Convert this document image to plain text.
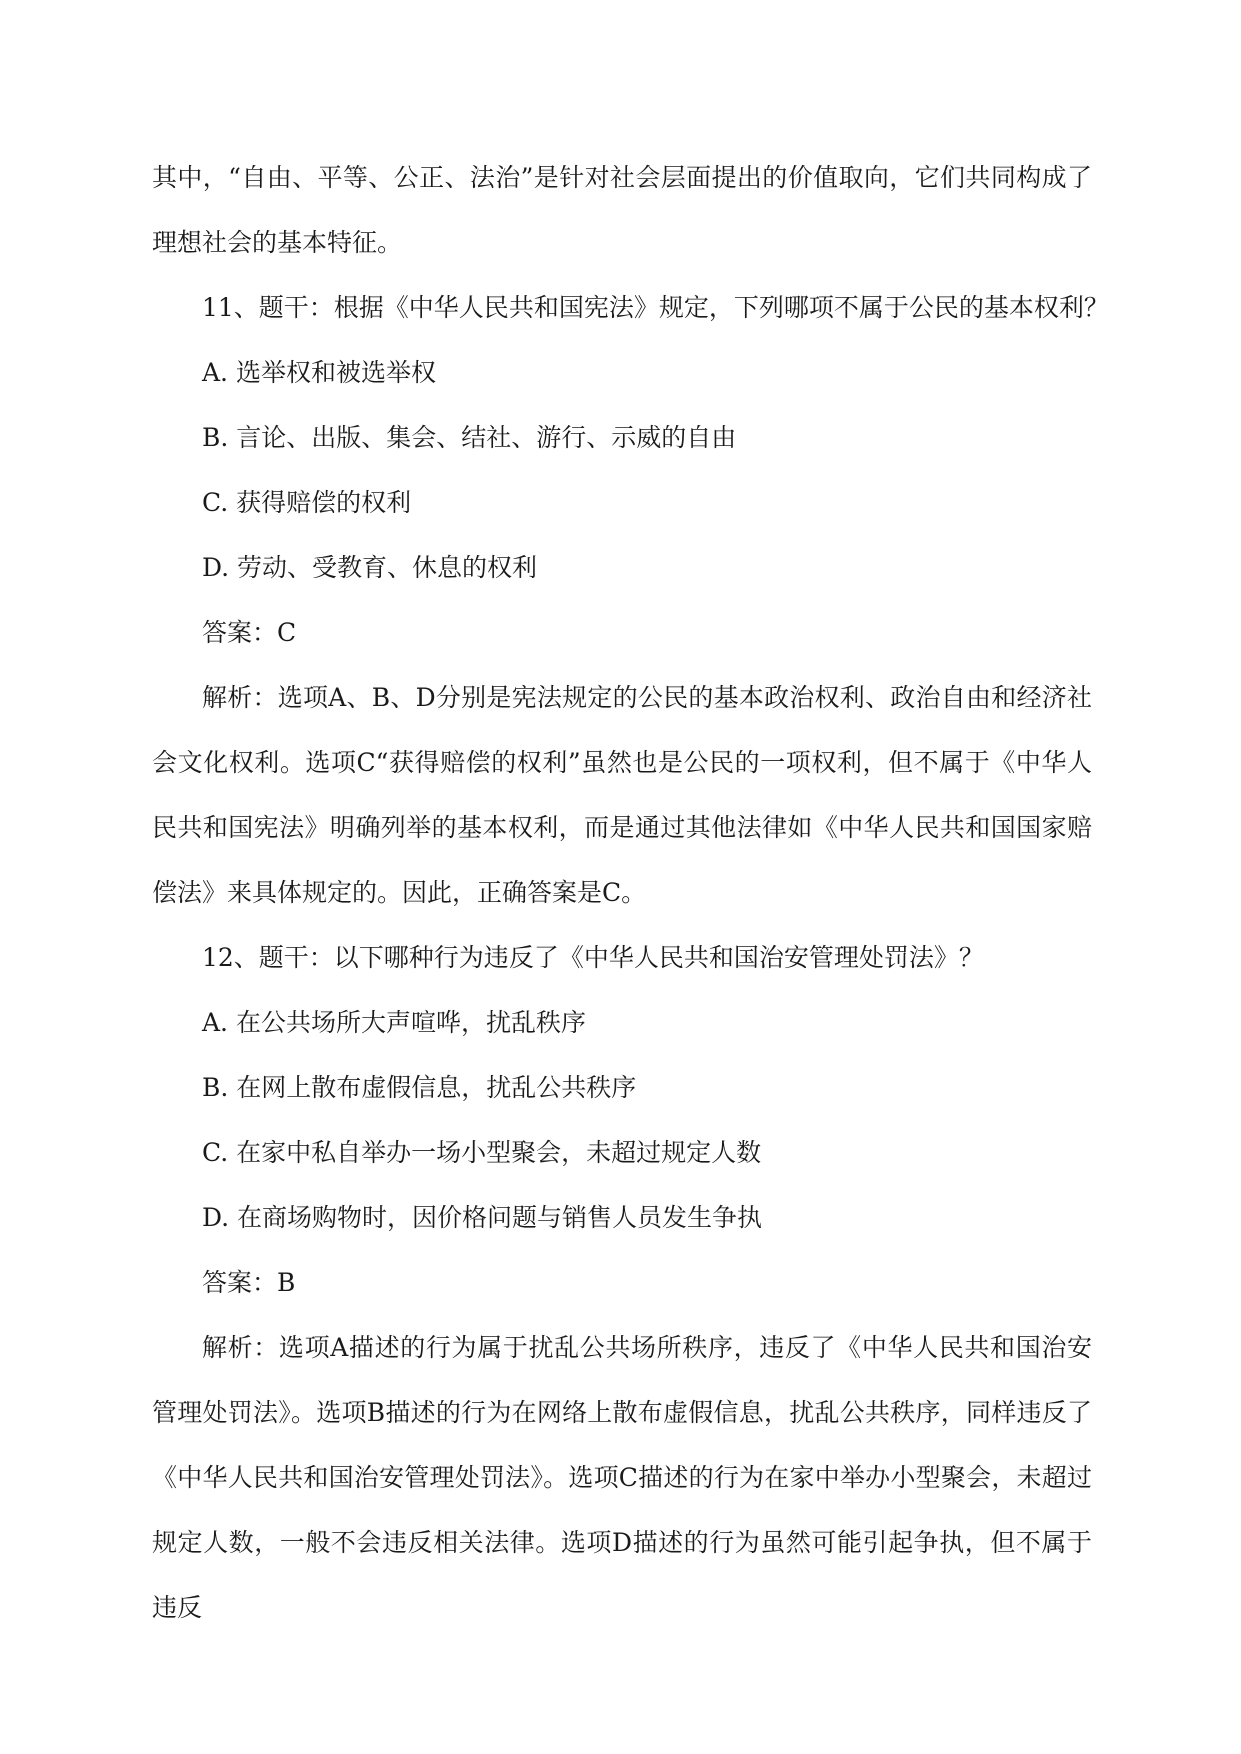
其中，“自由、平等、公正、法治”是针对社会层面提出的价值取向，它们共同构成了理想社会的基本特征。

11、题干：根据《中华人民共和国宪法》规定，下列哪项不属于公民的基本权利？
A. 选举权和被选举权
B. 言论、出版、集会、结社、游行、示威的自由
C. 获得赔偿的权利
D. 劳动、受教育、休息的权利
答案：C

解析：选项A、B、D分别是宪法规定的公民的基本政治权利、政治自由和经济社会文化权利。选项C“获得赔偿的权利”虽然也是公民的一项权利，但不属于《中华人民共和国宪法》明确列举的基本权利，而是通过其他法律如《中华人民共和国国家赔偿法》来具体规定的。因此，正确答案是C。

12、题干：以下哪种行为违反了《中华人民共和国治安管理处罚法》？
A. 在公共场所大声喧哗，扰乱秩序
B. 在网上散布虚假信息，扰乱公共秩序
C. 在家中私自举办一场小型聚会，未超过规定人数
D. 在商场购物时，因价格问题与销售人员发生争执
答案：B

解析：选项A描述的行为属于扰乱公共场所秩序，违反了《中华人民共和国治安管理处罚法》。选项B描述的行为在网络上散布虚假信息，扰乱公共秩序，同样违反了《中华人民共和国治安管理处罚法》。选项C描述的行为在家中举办小型聚会，未超过规定人数，一般不会违反相关法律。选项D描述的行为虽然可能引起争执，但不属于违反
